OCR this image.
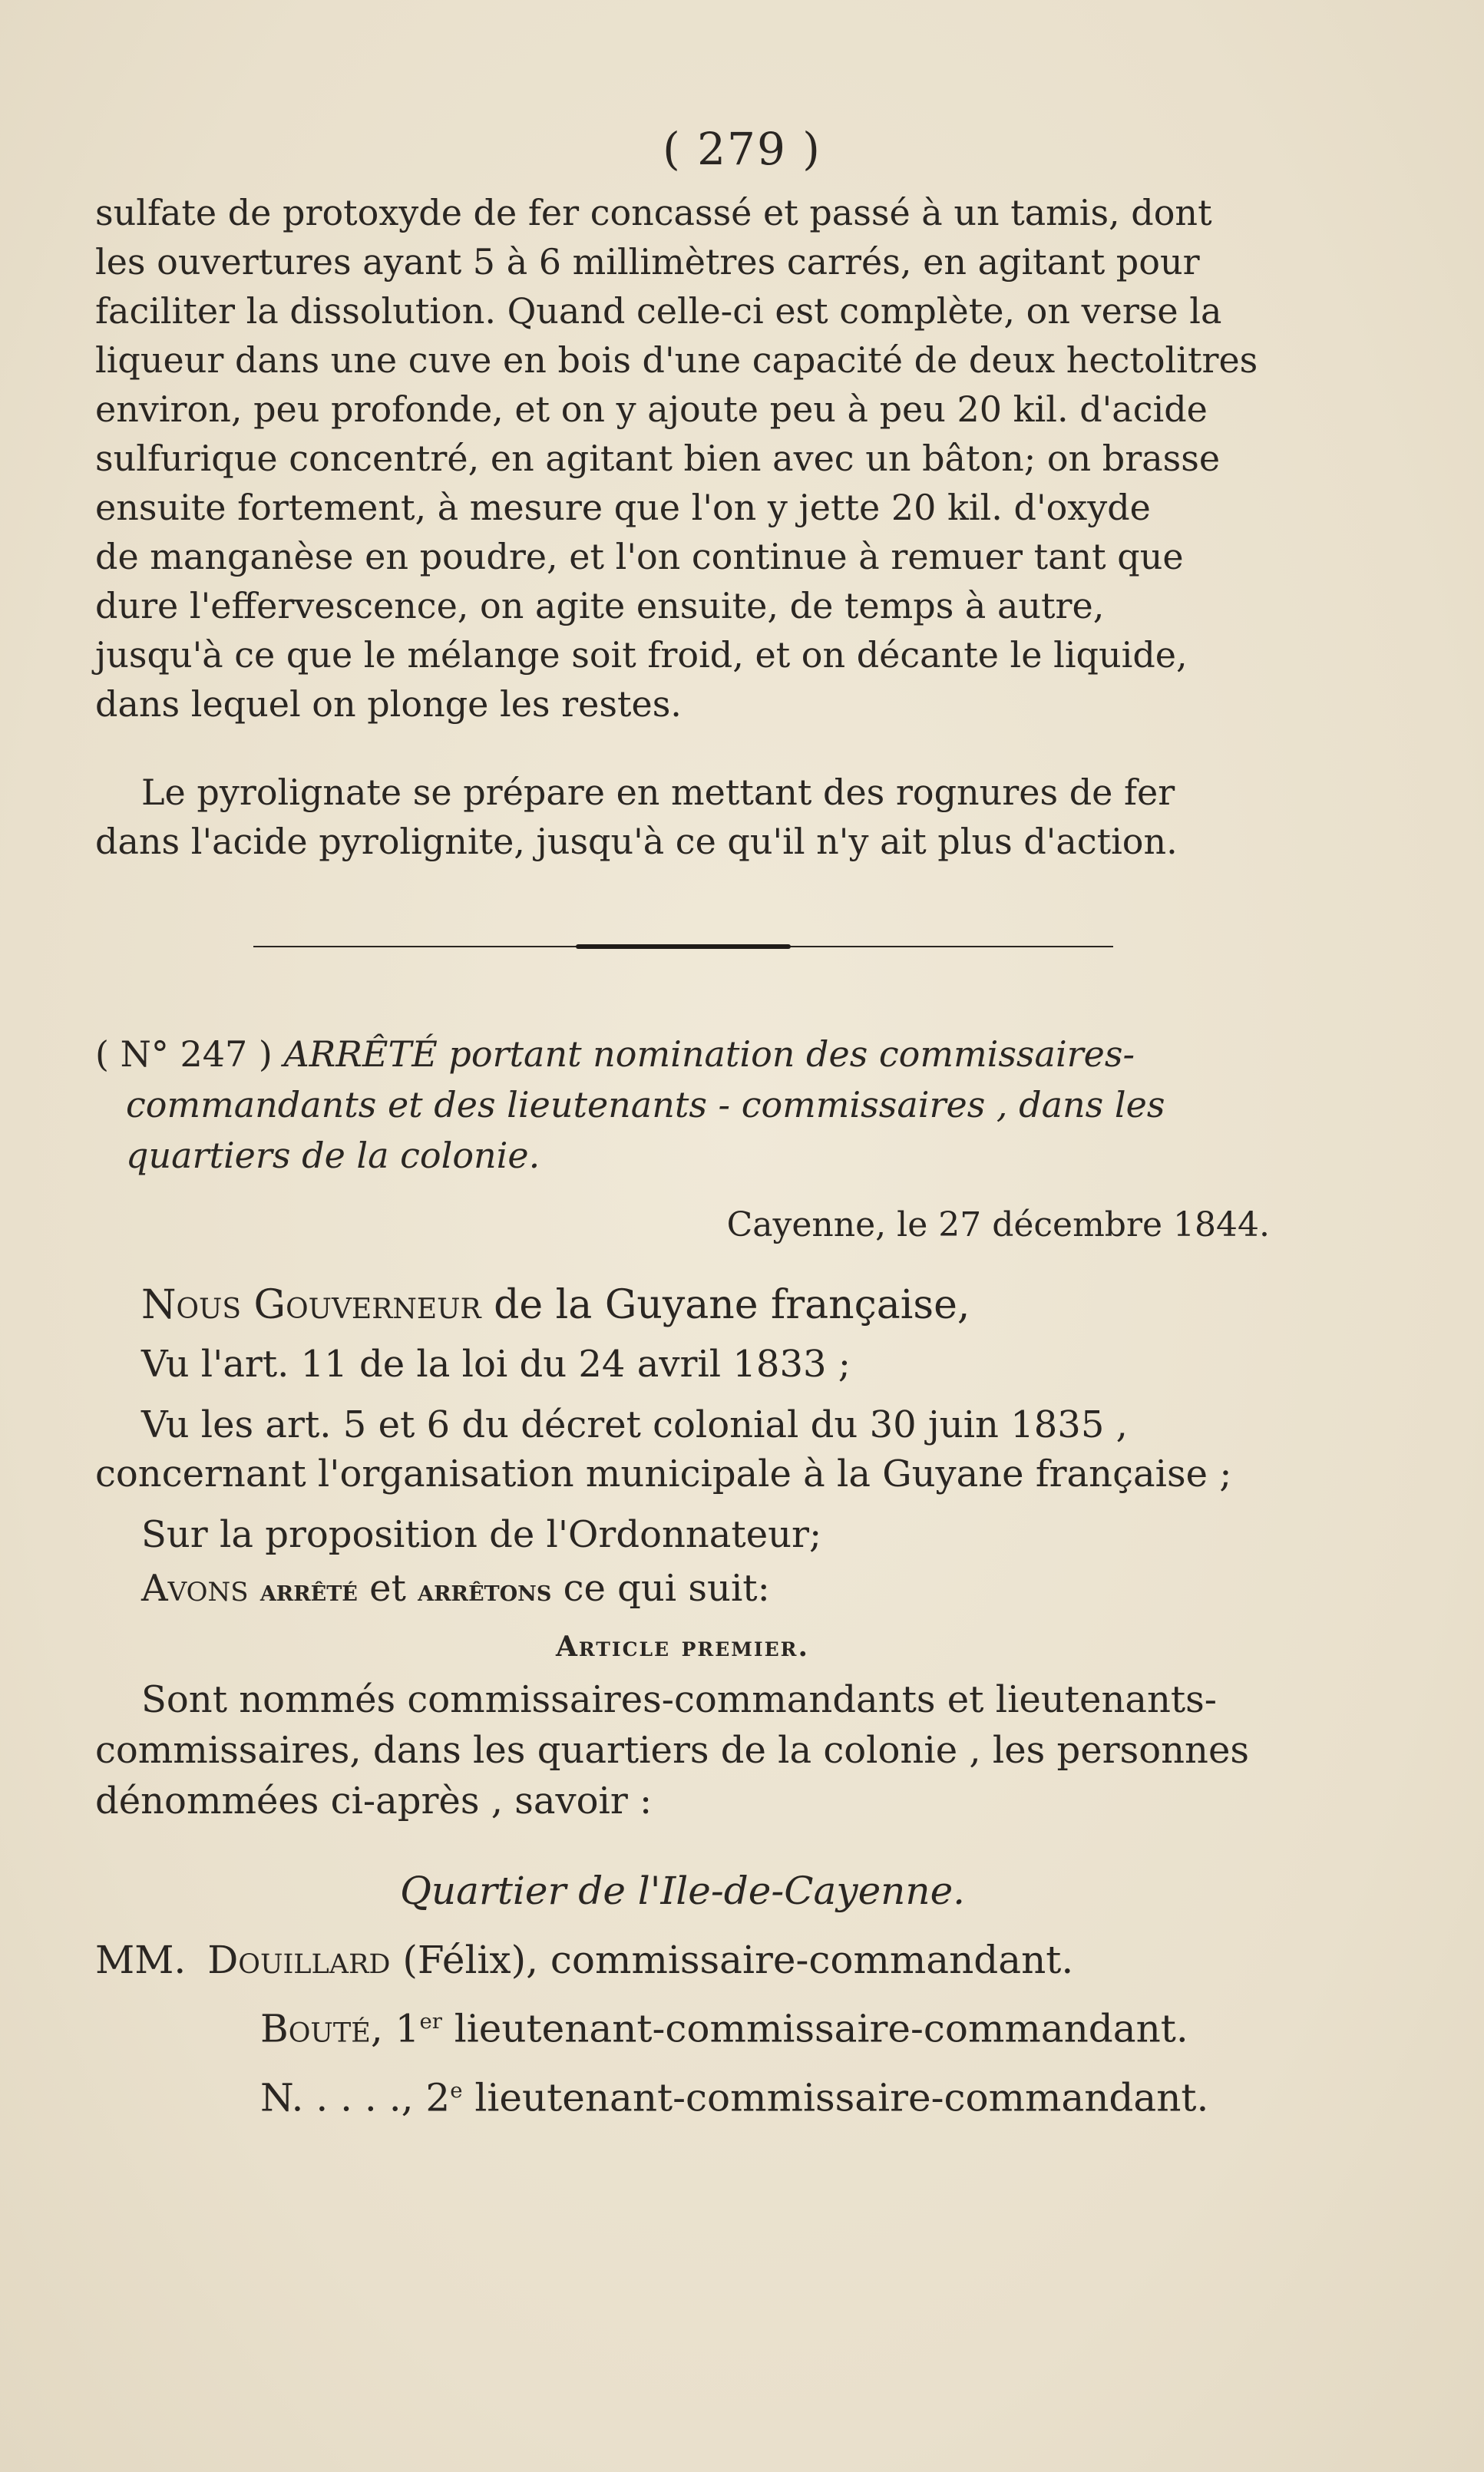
( 279 )
sulfate de protoxyde de fer concassé et passé à un tamis, dont
les ouvertures ayant 5 à 6 millimètres carrés, en agitant pour
faciliter la dissolution. Quand celle-ci est complète, on verse la
liqueur dans une cuve en bois d'une capacité de deux hectolitres
environ, peu profonde, et on y ajoute peu à peu 20 kil. d'acide
sulfurique concentré, en agitant bien avec un bâton; on brasse
ensuite fortement, à mesure que l'on y jette 20 kil. d'oxyde
de manganèse en poudre, et l'on continue à remuer tant que
dure l'effervescence, on agite ensuite, de temps à autre,
jusqu'à ce que le mélange soit froid, et on décante le liquide,
dans lequel on plonge les restes.
Le pyrolignate se prépare en mettant des rognures de fer
dans l'acide pyrolignite, jusqu'à ce qu'il n'y ait plus d'action.
( N° 247 ) ARRÊTÉ portant nomination des commissaires-
commandants et des lieutenants - commissaires , dans les
quartiers de la colonie.
Cayenne, le 27 décembre 1844.
Nous Gouverneur de la Guyane française,
Vu l'art. 11 de la loi du 24 avril 1833 ;
Vu les art. 5 et 6 du décret colonial du 30 juin 1835 ,
concernant l'organisation municipale à la Guyane française ;
Sur la proposition de l'Ordonnateur;
Avons arrêté et arrêtons ce qui suit:
Article premier.
Sont nommés commissaires-commandants et lieutenants-
commissaires, dans les quartiers de la colonie , les personnes
dénommées ci-après , savoir :
Quartier de l'Ile-de-Cayenne.
MM. Douillard (Félix), commissaire-commandant.
Bouté, 1er lieutenant-commissaire-commandant.
N. . . . ., 2e lieutenant-commissaire-commandant.
